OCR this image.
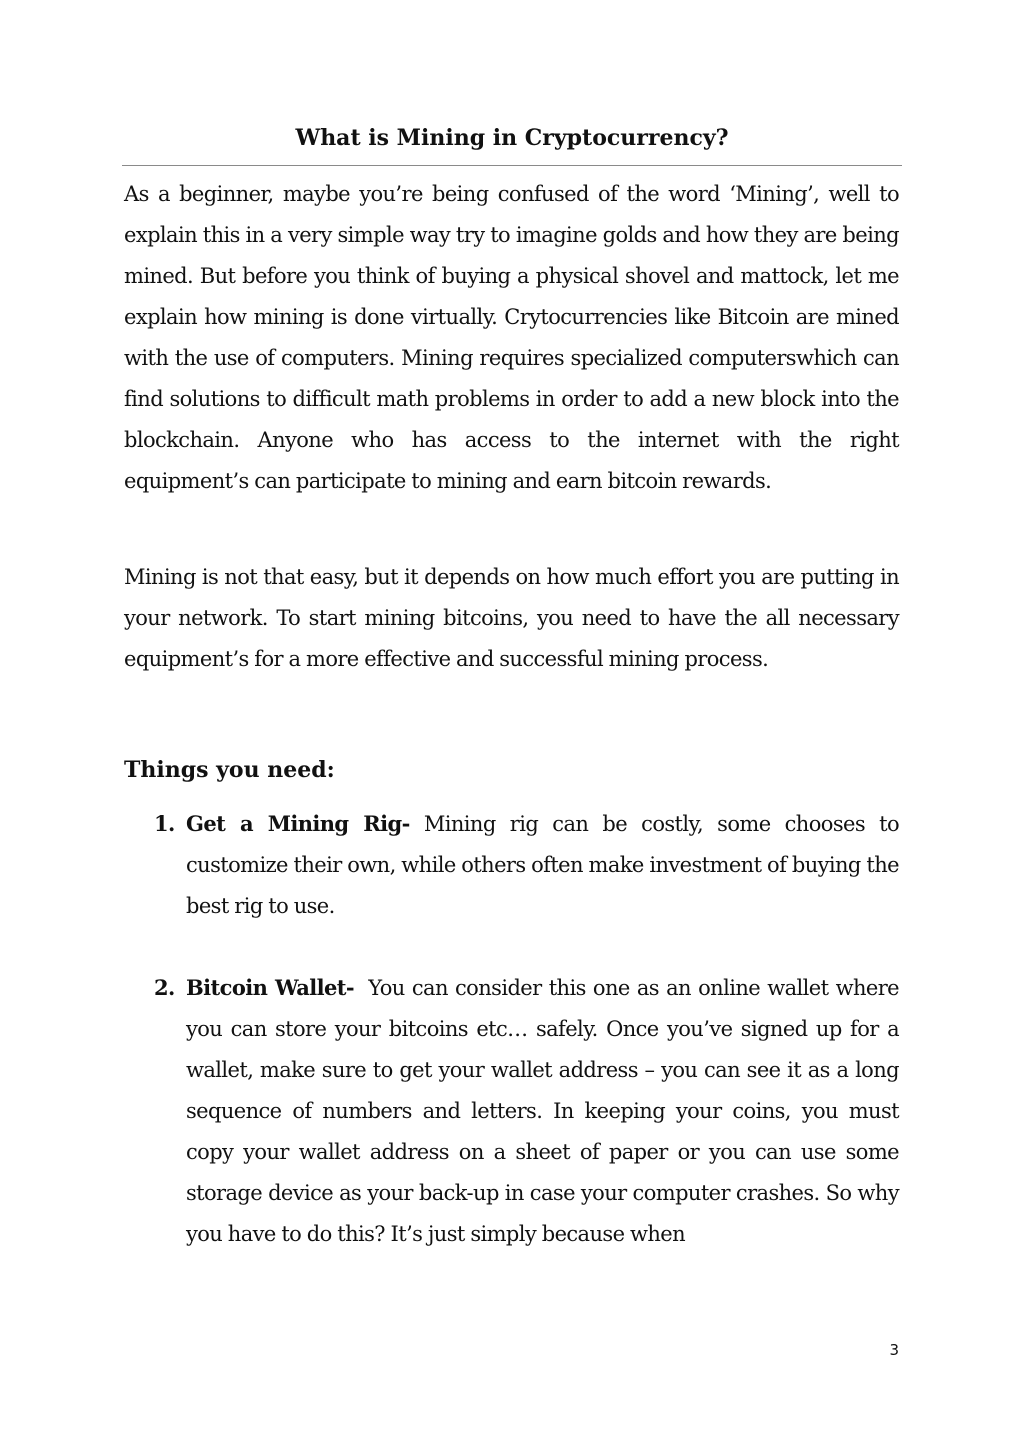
What is Mining in Cryptocurrency?

As a beginner, maybe you’re being confused of the word ‘Mining’, well to explain this in a very simple way try to imagine golds and how they are being mined. But before you think of buying a physical shovel and mattock, let me explain how mining is done virtually. Crytocurrencies like Bitcoin are mined with the use of computers. Mining requires specialized computerswhich can find solutions to difficult math problems in order to add a new block into the blockchain. Anyone who has access to the internet with the right equipment’s can participate to mining and earn bitcoin rewards.

Mining is not that easy, but it depends on how much effort you are putting in your network. To start mining bitcoins, you need to have the all necessary equipment’s for a more effective and successful mining process.

Things you need:
1. Get a Mining Rig- Mining rig can be costly, some chooses to customize their own, while others often make investment of buying the best rig to use.
2. Bitcoin Wallet- You can consider this one as an online wallet where you can store your bitcoins etc… safely. Once you’ve signed up for a wallet, make sure to get your wallet address – you can see it as a long sequence of numbers and letters. In keeping your coins, you must copy your wallet address on a sheet of paper or you can use some storage device as your back-up in case your computer crashes. So why you have to do this? It’s just simply because when

3
